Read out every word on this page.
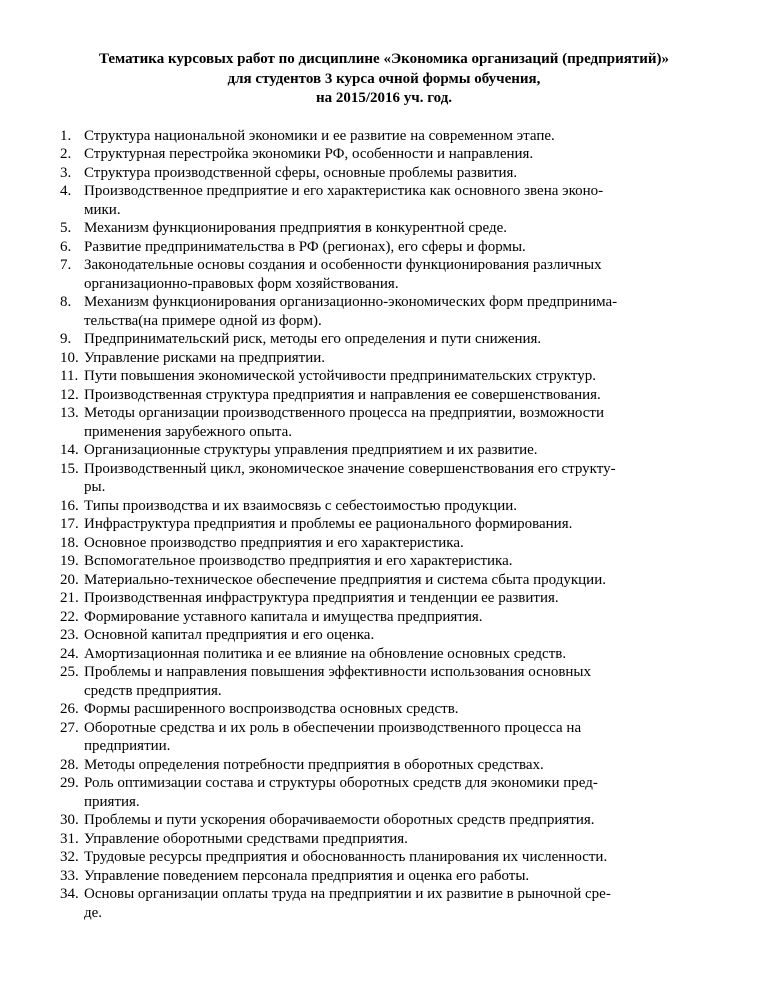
Тематика курсовых работ по дисциплине «Экономика организаций (предприятий)»
для студентов 3 курса очной формы обучения,
на 2015/2016 уч. год.
1. Структура национальной экономики и ее развитие на современном этапе.
2. Структурная перестройка экономики РФ, особенности и направления.
3. Структура производственной сферы, основные проблемы развития.
4. Производственное предприятие и его характеристика как основного звена эконо-
мики.
5. Механизм функционирования предприятия в конкурентной среде.
6. Развитие предпринимательства в РФ (регионах), его сферы и формы.
7. Законодательные основы создания и особенности функционирования различных
организационно-правовых форм хозяйствования.
8. Механизм функционирования организационно-экономических форм предпринима-
тельства(на примере одной из форм).
9. Предпринимательский риск, методы его определения и пути снижения.
10. Управление рисками на предприятии.
11. Пути повышения экономической устойчивости предпринимательских структур.
12. Производственная структура предприятия и направления ее совершенствования.
13. Методы организации производственного процесса на предприятии, возможности
применения зарубежного опыта.
14. Организационные структуры управления предприятием и их развитие.
15. Производственный цикл, экономическое значение совершенствования его структу-
ры.
16. Типы производства и их взаимосвязь с себестоимостью продукции.
17. Инфраструктура предприятия и проблемы ее рационального формирования.
18. Основное производство предприятия и его характеристика.
19. Вспомогательное производство предприятия и его характеристика.
20. Материально-техническое обеспечение предприятия и система сбыта продукции.
21. Производственная инфраструктура предприятия и тенденции ее развития.
22. Формирование уставного капитала и имущества предприятия.
23. Основной капитал предприятия и его оценка.
24. Амортизационная политика и ее влияние на обновление основных средств.
25. Проблемы и направления повышения эффективности использования основных
средств предприятия.
26. Формы расширенного воспроизводства основных средств.
27. Оборотные средства и их роль в обеспечении производственного процесса на
предприятии.
28. Методы определения потребности предприятия в оборотных средствах.
29. Роль оптимизации состава и структуры оборотных средств для экономики пред-
приятия.
30. Проблемы и пути ускорения оборачиваемости оборотных средств предприятия.
31. Управление оборотными средствами предприятия.
32. Трудовые ресурсы предприятия и обоснованность планирования их численности.
33. Управление поведением персонала предприятия и оценка его работы.
34. Основы организации оплаты труда на предприятии и их развитие в рыночной сре-
де.
